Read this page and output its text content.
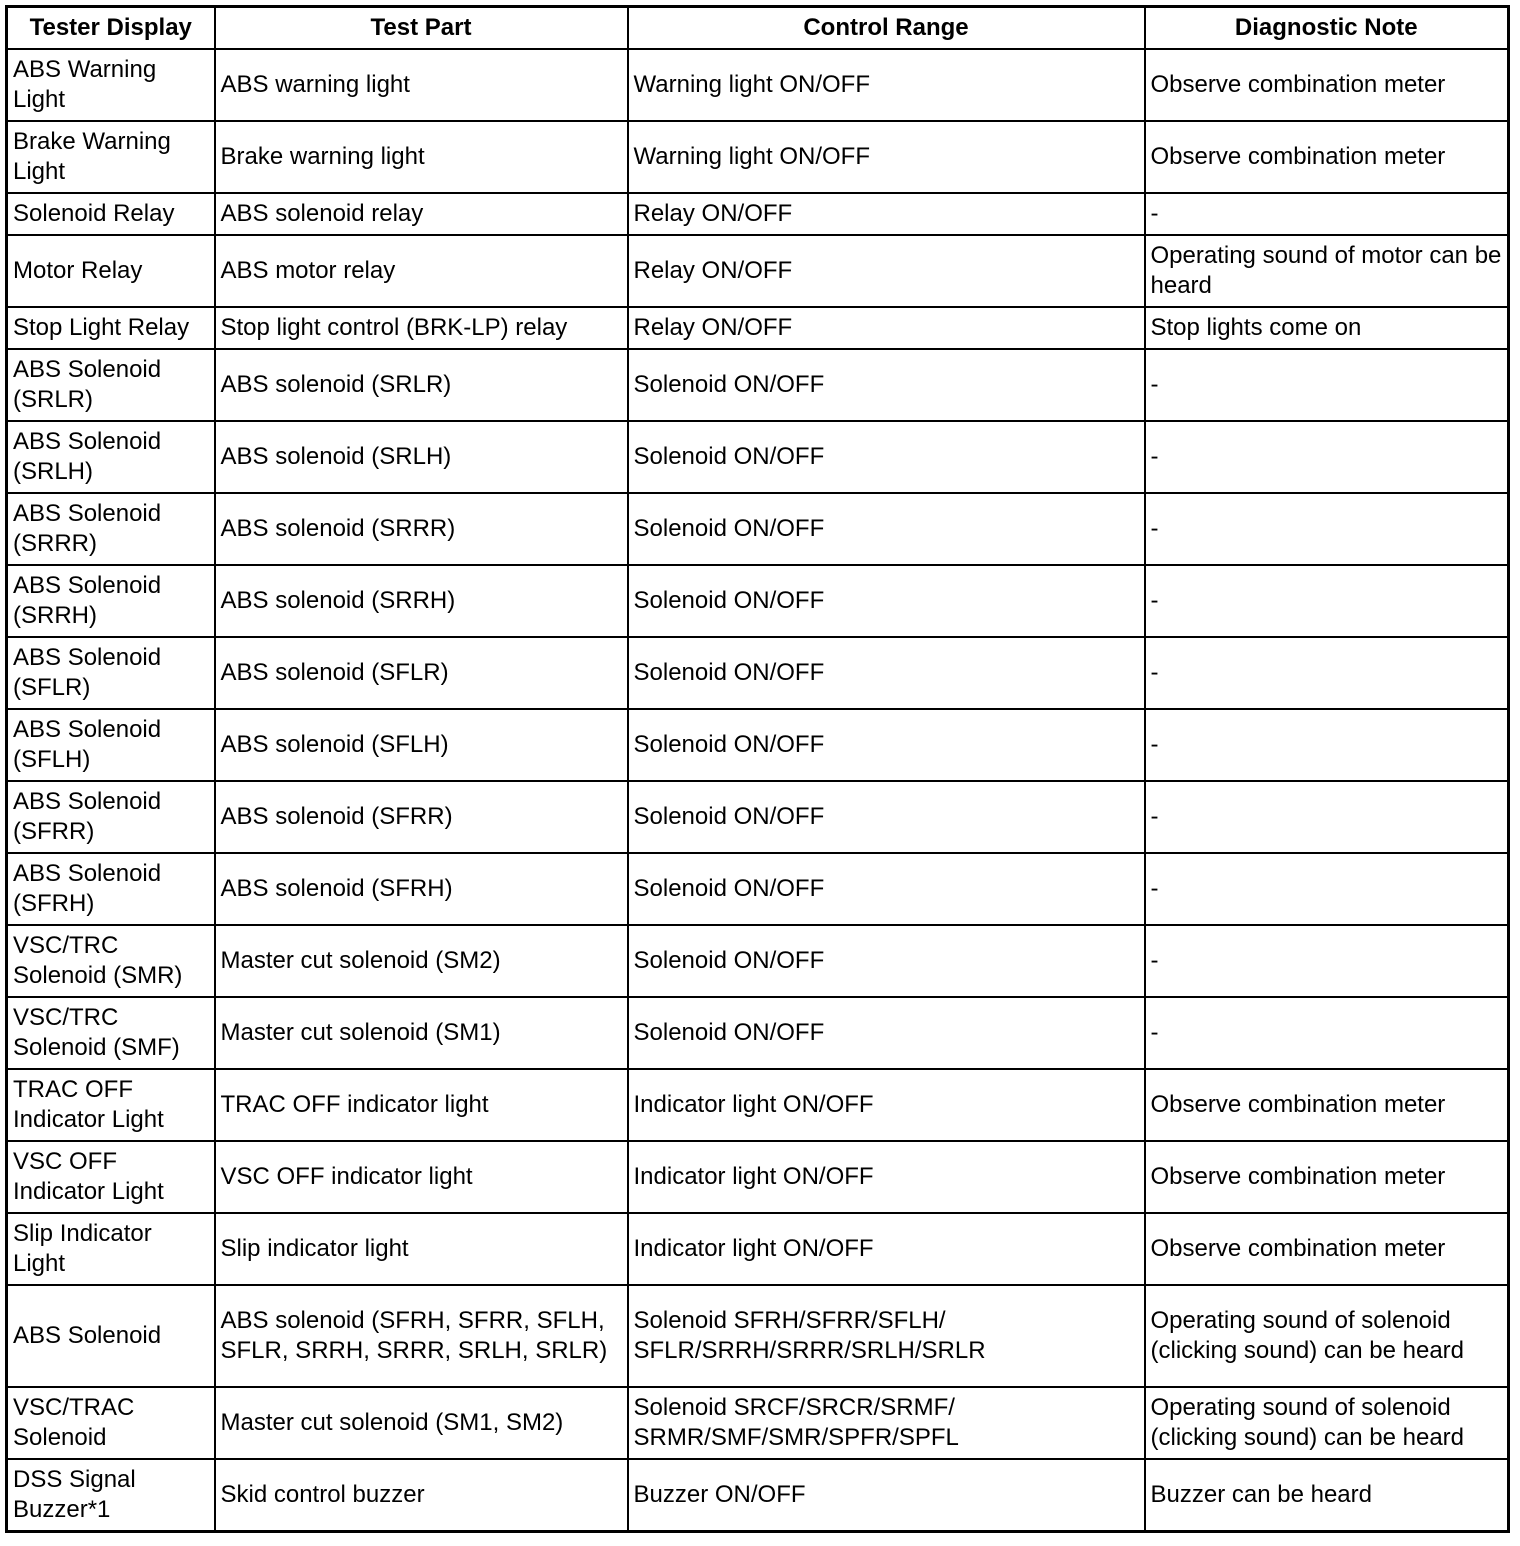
Tester Display	Test Part	Control Range	Diagnostic Note
ABS Warning Light	ABS warning light	Warning light ON/OFF	Observe combination meter
Brake Warning Light	Brake warning light	Warning light ON/OFF	Observe combination meter
Solenoid Relay	ABS solenoid relay	Relay ON/OFF	-
Motor Relay	ABS motor relay	Relay ON/OFF	Operating sound of motor can be heard
Stop Light Relay	Stop light control (BRK-LP) relay	Relay ON/OFF	Stop lights come on
ABS Solenoid (SRLR)	ABS solenoid (SRLR)	Solenoid ON/OFF	-
ABS Solenoid (SRLH)	ABS solenoid (SRLH)	Solenoid ON/OFF	-
ABS Solenoid (SRRR)	ABS solenoid (SRRR)	Solenoid ON/OFF	-
ABS Solenoid (SRRH)	ABS solenoid (SRRH)	Solenoid ON/OFF	-
ABS Solenoid (SFLR)	ABS solenoid (SFLR)	Solenoid ON/OFF	-
ABS Solenoid (SFLH)	ABS solenoid (SFLH)	Solenoid ON/OFF	-
ABS Solenoid (SFRR)	ABS solenoid (SFRR)	Solenoid ON/OFF	-
ABS Solenoid (SFRH)	ABS solenoid (SFRH)	Solenoid ON/OFF	-
VSC/TRC Solenoid (SMR)	Master cut solenoid (SM2)	Solenoid ON/OFF	-
VSC/TRC Solenoid (SMF)	Master cut solenoid (SM1)	Solenoid ON/OFF	-
TRAC OFF Indicator Light	TRAC OFF indicator light	Indicator light ON/OFF	Observe combination meter
VSC OFF Indicator Light	VSC OFF indicator light	Indicator light ON/OFF	Observe combination meter
Slip Indicator Light	Slip indicator light	Indicator light ON/OFF	Observe combination meter
ABS Solenoid	ABS solenoid (SFRH, SFRR, SFLH, SFLR, SRRH, SRRR, SRLH, SRLR)	Solenoid SFRH/SFRR/SFLH/ SFLR/SRRH/SRRR/SRLH/SRLR	Operating sound of solenoid (clicking sound) can be heard
VSC/TRAC Solenoid	Master cut solenoid (SM1, SM2)	Solenoid SRCF/SRCR/SRMF/ SRMR/SMF/SMR/SPFR/SPFL	Operating sound of solenoid (clicking sound) can be heard
DSS Signal Buzzer*1	Skid control buzzer	Buzzer ON/OFF	Buzzer can be heard
